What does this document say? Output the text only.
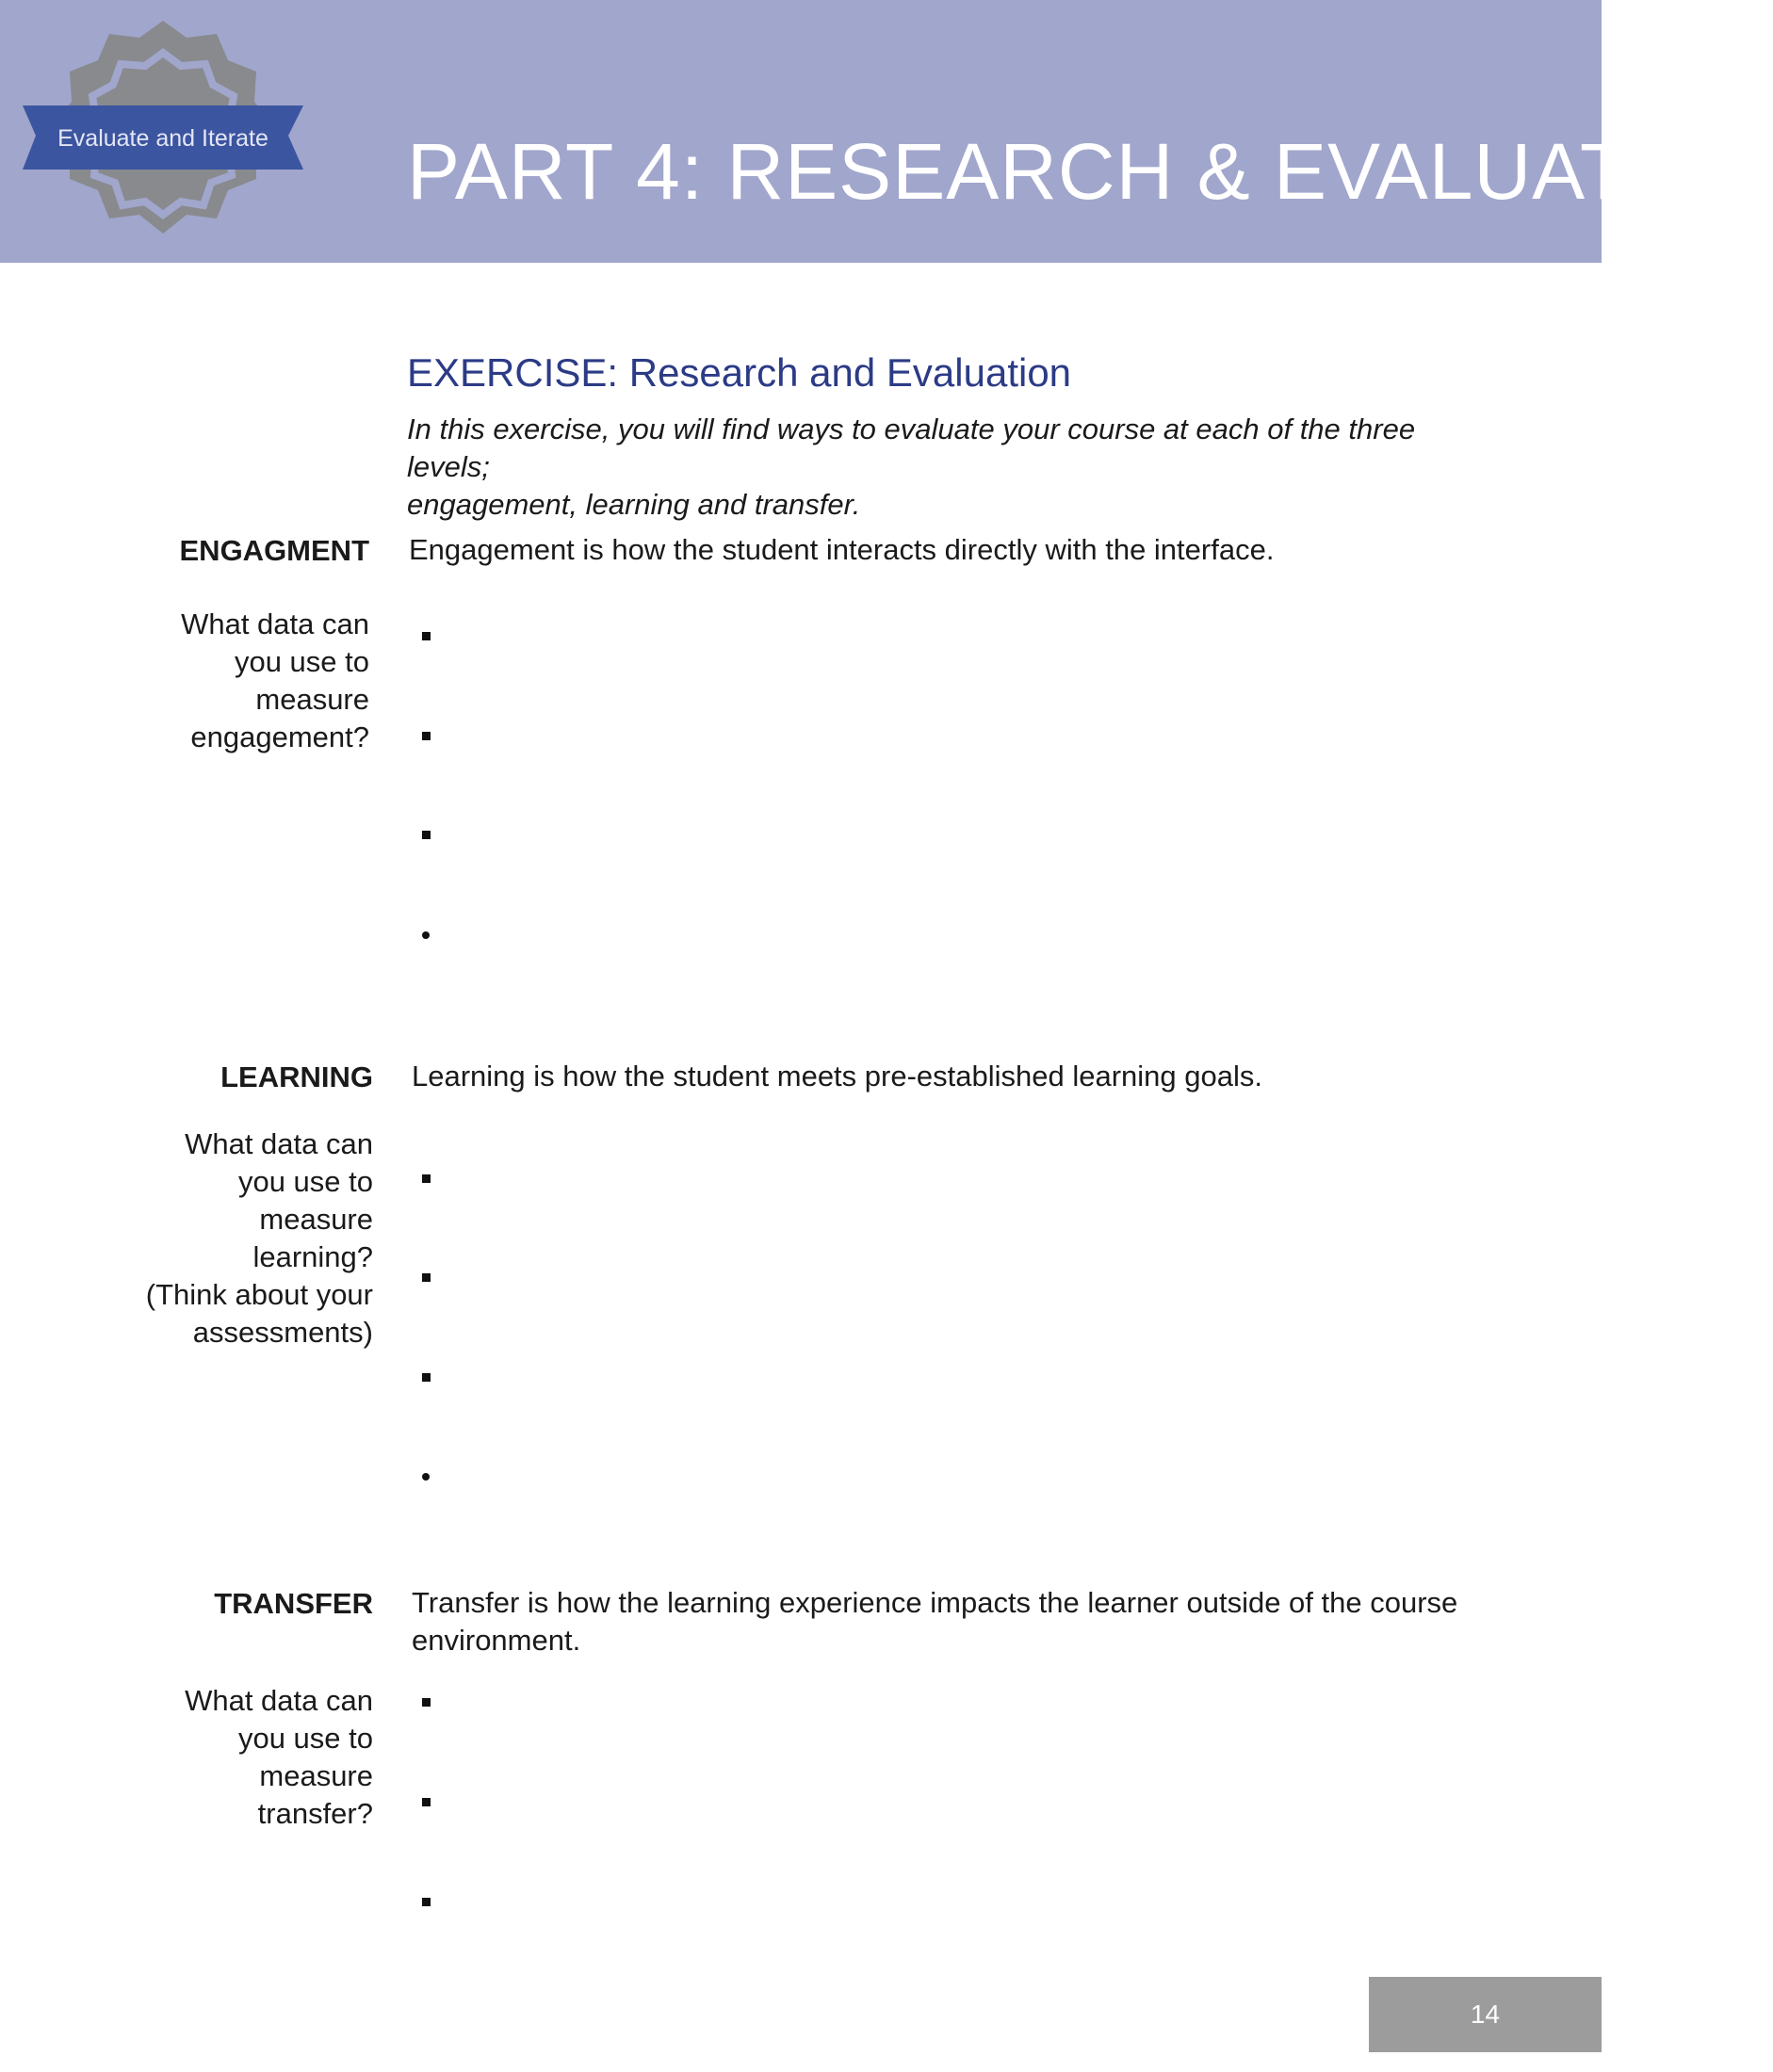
Evaluate and Iterate PART 4: RESEARCH & EVALUATION
EXERCISE: Research and Evaluation
In this exercise, you will find ways to evaluate your course at each of the three levels;
engagement, learning and transfer.
ENGAGMENT Engagement is how the student interacts directly with the interface.
What data can
you use to
measure
engagement?
LEARNING Learning is how the student meets pre-established learning goals.
What data can
you use to
measure
learning?
(Think about your
assessments)
TRANSFER Transfer is how the learning experience impacts the learner outside of the course
environment.
What data can
you use to
measure
transfer?
14
